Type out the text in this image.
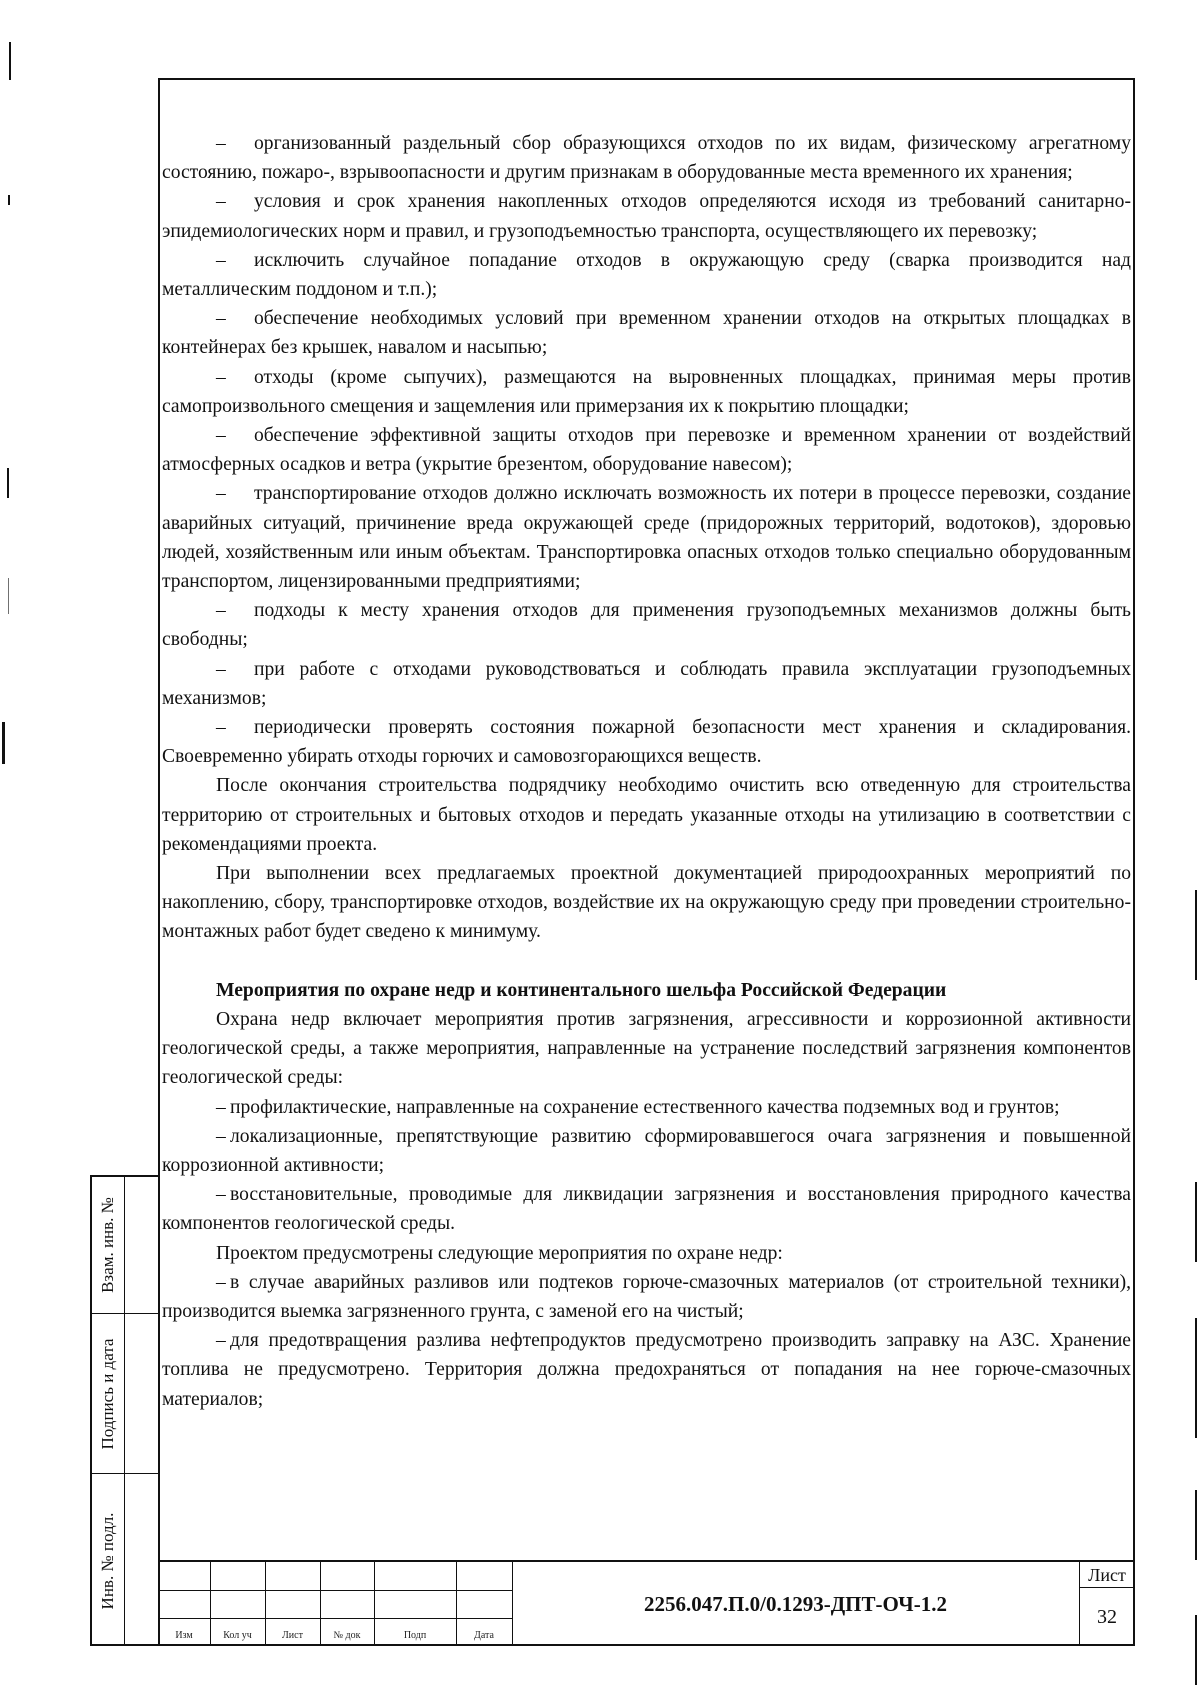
– организованный раздельный сбор образующихся отходов по их видам, физическому агрегатному состоянию, пожаро-, взрывоопасности и другим признакам в оборудованные места временного их хранения;

– условия и срок хранения накопленных отходов определяются исходя из требований санитарно-эпидемиологических норм и правил, и грузоподъемностью транспорта, осуществляющего их перевозку;

– исключить случайное попадание отходов в окружающую среду (сварка производится над металлическим поддоном и т.п.);

– обеспечение необходимых условий при временном хранении отходов на открытых площадках в контейнерах без крышек, навалом и насыпью;

– отходы (кроме сыпучих), размещаются на выровненных площадках, принимая меры против самопроизвольного смещения и защемления или примерзания их к покрытию площадки;

– обеспечение эффективной защиты отходов при перевозке и временном хранении от воздействий атмосферных осадков и ветра (укрытие брезентом, оборудование навесом);

– транспортирование отходов должно исключать возможность их потери в процессе перевозки, создание аварийных ситуаций, причинение вреда окружающей среде (придорожных территорий, водотоков), здоровью людей, хозяйственным или иным объектам. Транспортировка опасных отходов только специально оборудованным транспортом, лицензированными предприятиями;

– подходы к месту хранения отходов для применения грузоподъемных механизмов должны быть свободны;

– при работе с отходами руководствоваться и соблюдать правила эксплуатации грузоподъемных механизмов;

– периодически проверять состояния пожарной безопасности мест хранения и складирования. Своевременно убирать отходы горючих и самовозгорающихся веществ.

После окончания строительства подрядчику необходимо очистить всю отведенную для строительства территорию от строительных и бытовых отходов и передать указанные отходы на утилизацию в соответствии с рекомендациями проекта.

При выполнении всех предлагаемых проектной документацией природоохранных мероприятий по накоплению, сбору, транспортировке отходов, воздействие их на окружающую среду при проведении строительно-монтажных работ будет сведено к минимуму.

Мероприятия по охране недр и континентального шельфа Российской Федерации

Охрана недр включает мероприятия против загрязнения, агрессивности и коррозионной активности геологической среды, а также мероприятия, направленные на устранение последствий загрязнения компонентов геологической среды:

– профилактические, направленные на сохранение естественного качества подземных вод и грунтов;

– локализационные, препятствующие развитию сформировавшегося очага загрязнения и повышенной коррозионной активности;

– восстановительные, проводимые для ликвидации загрязнения и восстановления природного качества компонентов геологической среды.

Проектом предусмотрены следующие мероприятия по охране недр:

– в случае аварийных разливов или подтеков горюче-смазочных материалов (от строительной техники), производится выемка загрязненного грунта, с заменой его на чистый;

– для предотвращения разлива нефтепродуктов предусмотрено производить заправку на АЗС. Хранение топлива не предусмотрено. Территория должна предохраняться от попадания на нее горюче-смазочных материалов;

Взам. инв. №
Подпись и дата
Инв. № подл.
Изм	Кол уч	Лист	№ док	Подп	Дата
2256.047.П.0/0.1293-ДПТ-ОЧ-1.2
Лист
32
